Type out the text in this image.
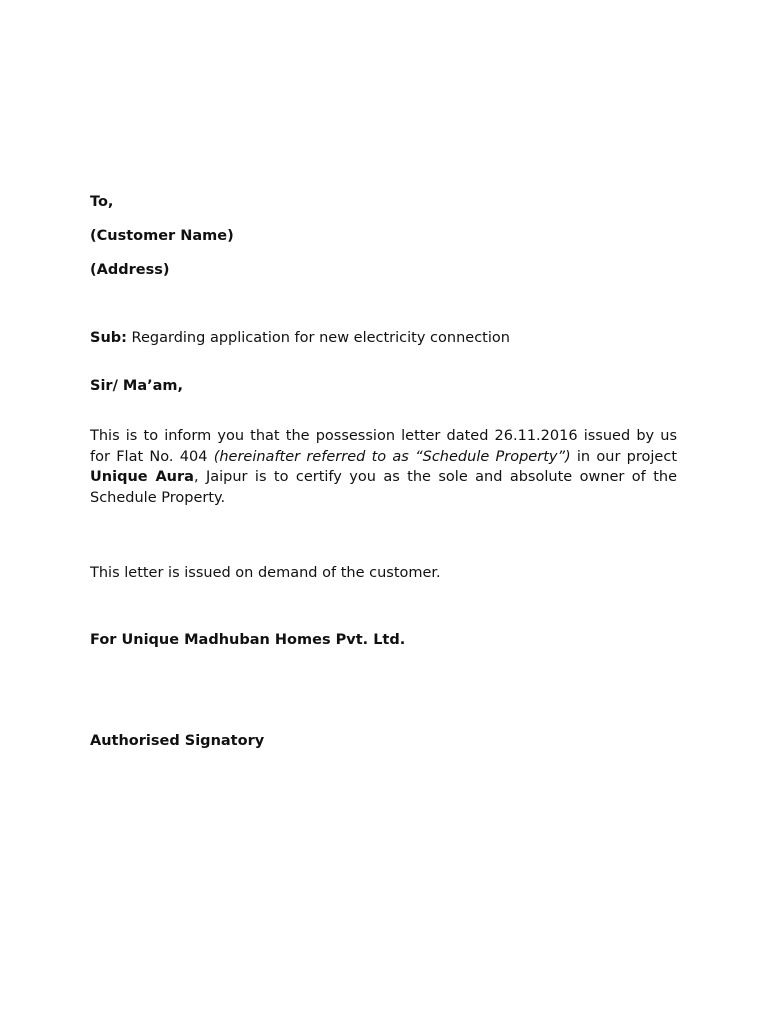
To,
(Customer Name)
(Address)
Sub: Regarding application for new electricity connection
Sir/ Ma’am,
This is to inform you that the possession letter dated 26.11.2016 issued by us for Flat No. 404 (hereinafter referred to as “Schedule Property”) in our project Unique Aura, Jaipur is to certify you as the sole and absolute owner of the Schedule Property.
This letter is issued on demand of the customer.
For Unique Madhuban Homes Pvt. Ltd.
Authorised Signatory
